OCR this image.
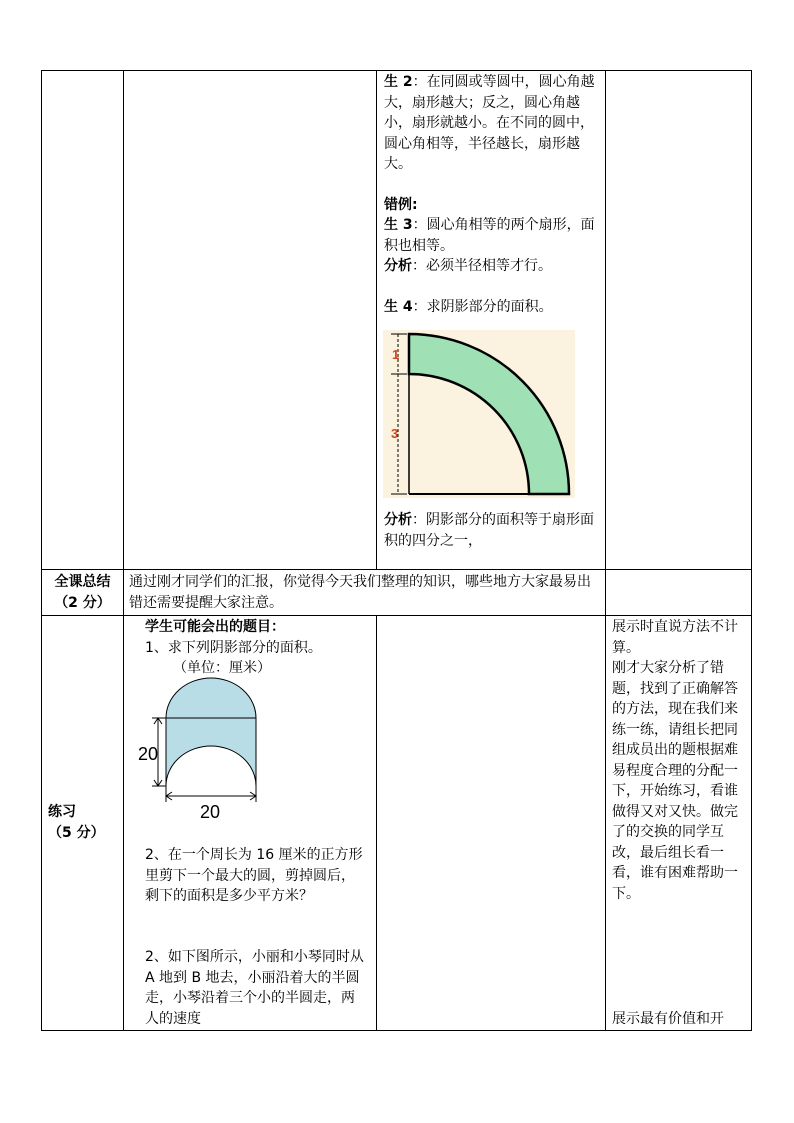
生 2：在同圆或等圆中，圆心角越大，扇形越大；反之，圆心角越小，扇形就越小。在不同的圆中，圆心角相等，半径越长，扇形越大。

错例:

生 3：圆心角相等的两个扇形，面积也相等。

分析：必须半径相等才行。

生 4：求阴影部分的面积。

1
3

分析：阴影部分的面积等于扇形面积的四分之一，

全课总结
（2 分）
通过刚才同学们的汇报，你觉得今天我们整理的知识，哪些地方大家最易出错还需要提醒大家注意。
练习
（5 分）

学生可能会出的题目：

1、求下列阴影部分的面积。

（单位：厘米）

20
20

2、在一个周长为 16 厘米的正方形里剪下一个最大的圆，剪掉圆后，剩下的面积是多少平方米？

2、如下图所示，小丽和小琴同时从 A 地到 B 地去，小丽沿着大的半圆走，小琴沿着三个小的半圆走，两人的速度

展示时直说方法不计算。

刚才大家分析了错题，找到了正确解答的方法，现在我们来练一练，请组长把同组成员出的题根据难易程度合理的分配一下，开始练习，看谁做得又对又快。做完了的交换的同学互改，最后组长看一看，谁有困难帮助一下。

展示最有价值和开
